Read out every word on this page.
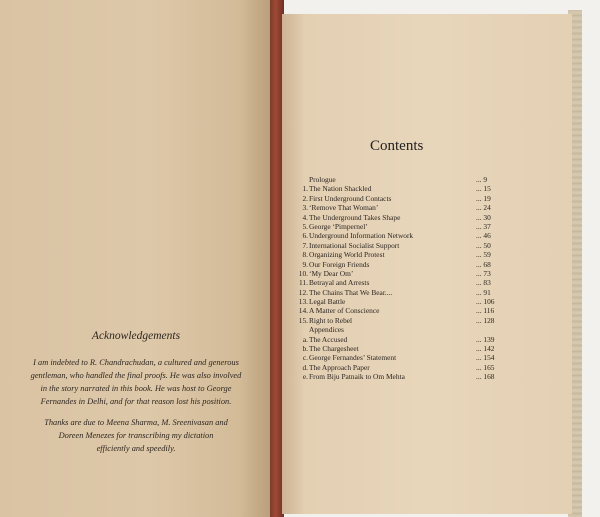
Acknowledgements

I am indebted to R. Chandrachudan, a cultured and generous
gentleman, who handled the final proofs. He was also involved
in the story narrated in this book. He was host to George
Fernandes in Delhi, and for that reason lost his position.

Thanks are due to Meena Sharma, M. Sreenivasan and
Doreen Menezes for transcribing my dictation
efficiently and speedily.

Contents
Prologue	... 9
1. The Nation Shackled	... 15
2. First Underground Contacts	... 19
3. ‘Remove That Woman’	... 24
4. The Underground Takes Shape	... 30
5. George ‘Pimpernel’	... 37
6. Underground Information Network	... 46
7. International Socialist Support	... 50
8. Organizing World Protest	... 59
9. Our Foreign Friends	... 68
10. ‘My Dear Om’	... 73
11. Betrayal and Arrests	... 83
12. The Chains That We Bear....	... 91
13. Legal Battle	... 106
14. A Matter of Conscience	... 116
15. Right to Rebel	... 128
Appendices
a. The Accused	... 139
b. The Chargesheet	... 142
c. George Fernandes’ Statement	... 154
d. The Approach Paper	... 165
e. From Biju Patnaik to Om Mehta	... 168
